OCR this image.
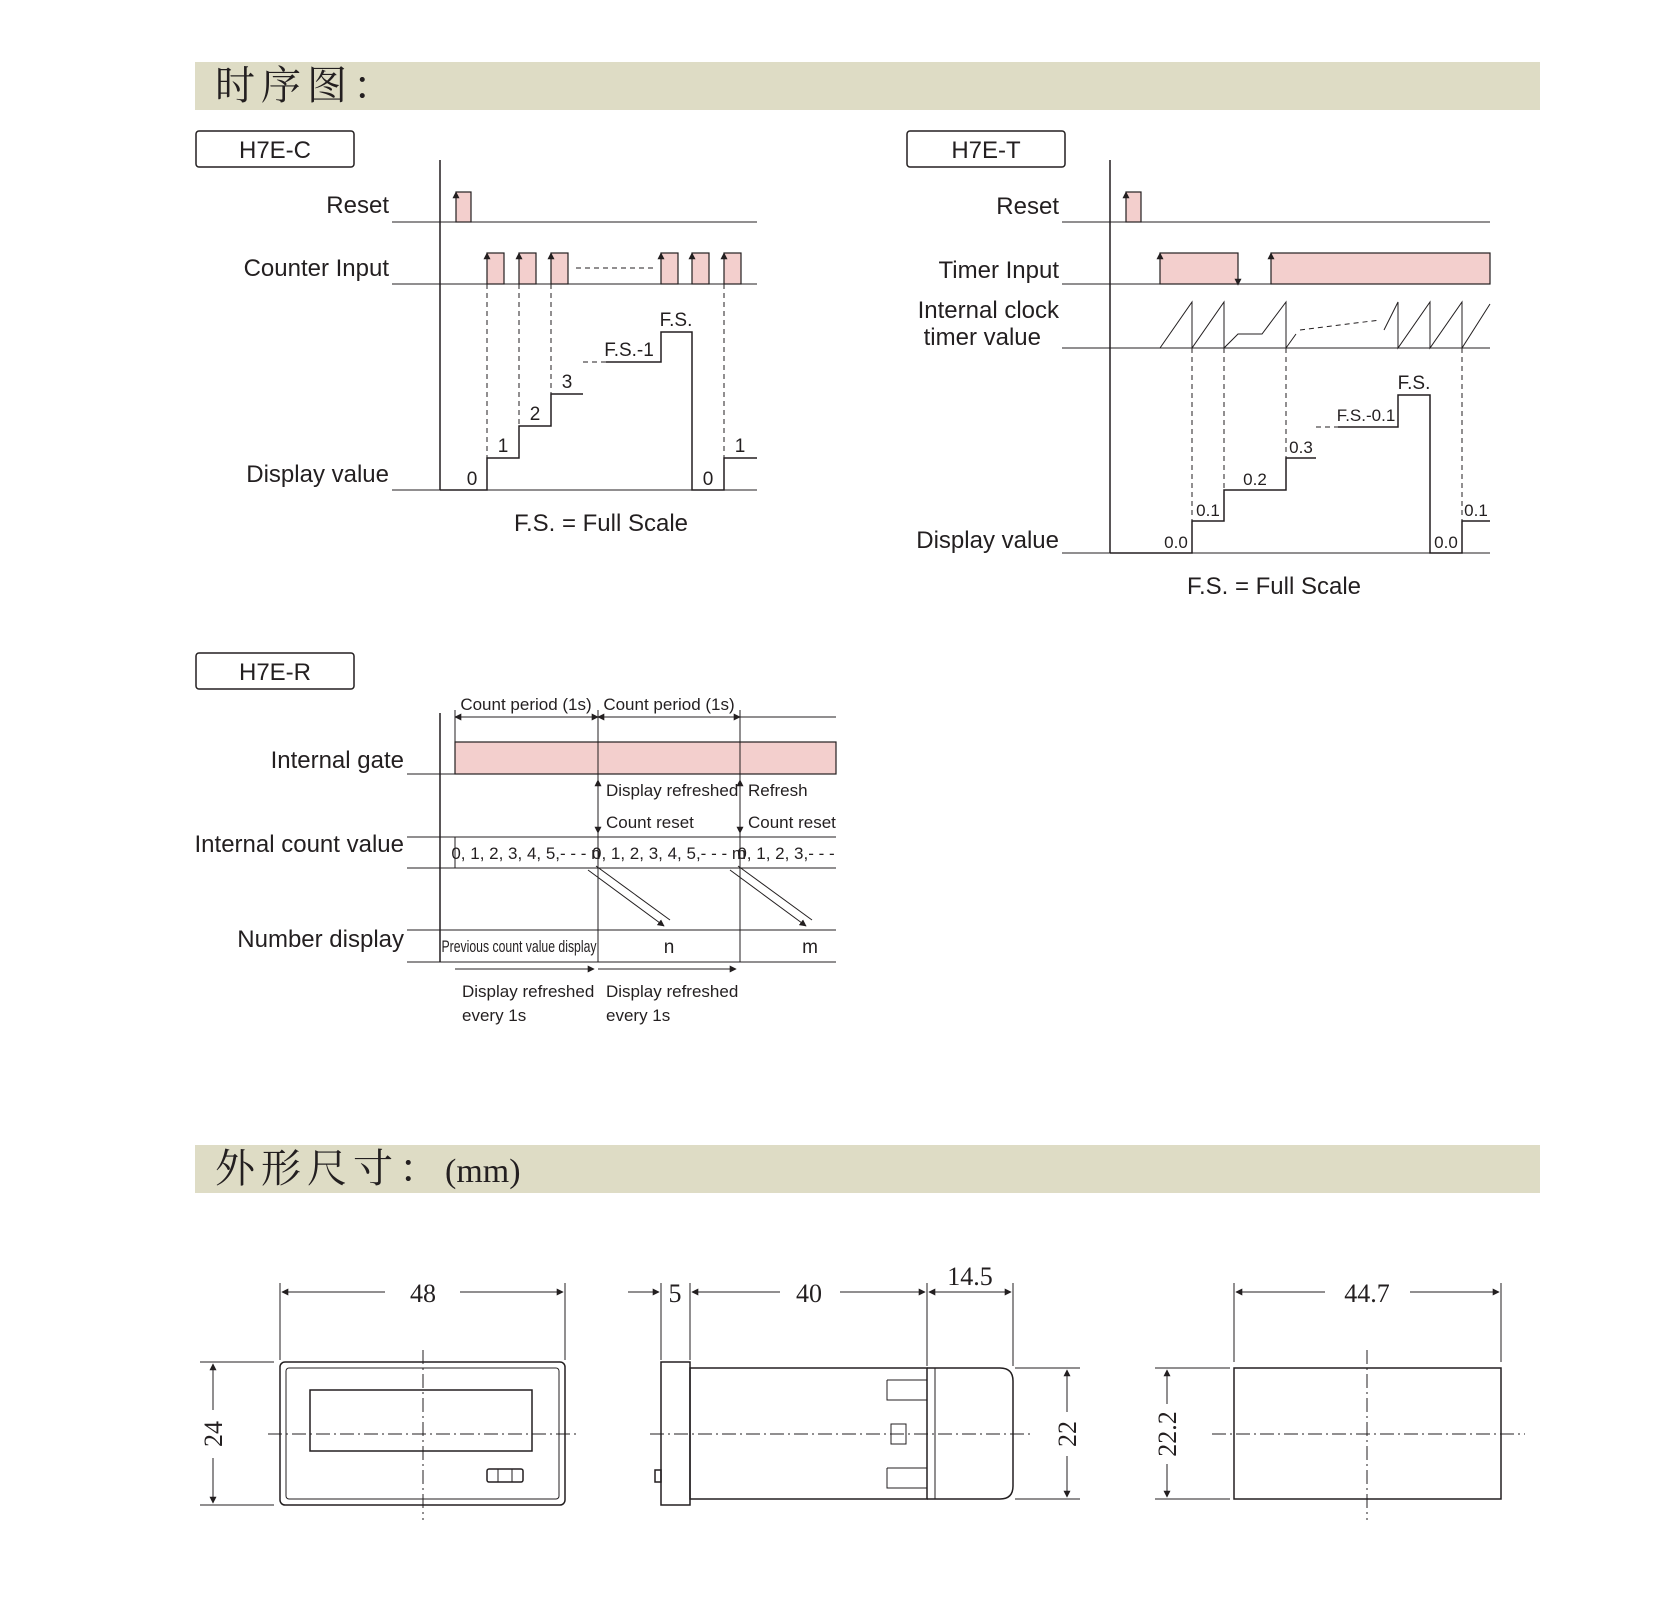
时序图：
外形尺寸：(mm)
H7E-C
Reset
Counter Input
Display value	0
1
2
3
F.S.-1
F.S.
0
1
F.S. = Full Scale
H7E-T
Reset
Timer Input
Internal clock
timer value
Display value	0.0
0.1
0.2
0.3
F.S.-0.1
F.S.
0.0
0.1
F.S. = Full Scale
H7E-R
Internal gate
Internal count value
Number display
Count period (1s) Count period (1s)
Display refreshed
Count reset
Refresh
Count reset
0, 1, 2, 3, 4, 5,- - - n
0, 1, 2, 3, 4, 5,- - - m
0, 1, 2, 3,- - -
Previous count value display	n	m
Display refreshed
every 1s
Display refreshed
every 1s
48
24
5	40
14.5
22
44.7
22.2
